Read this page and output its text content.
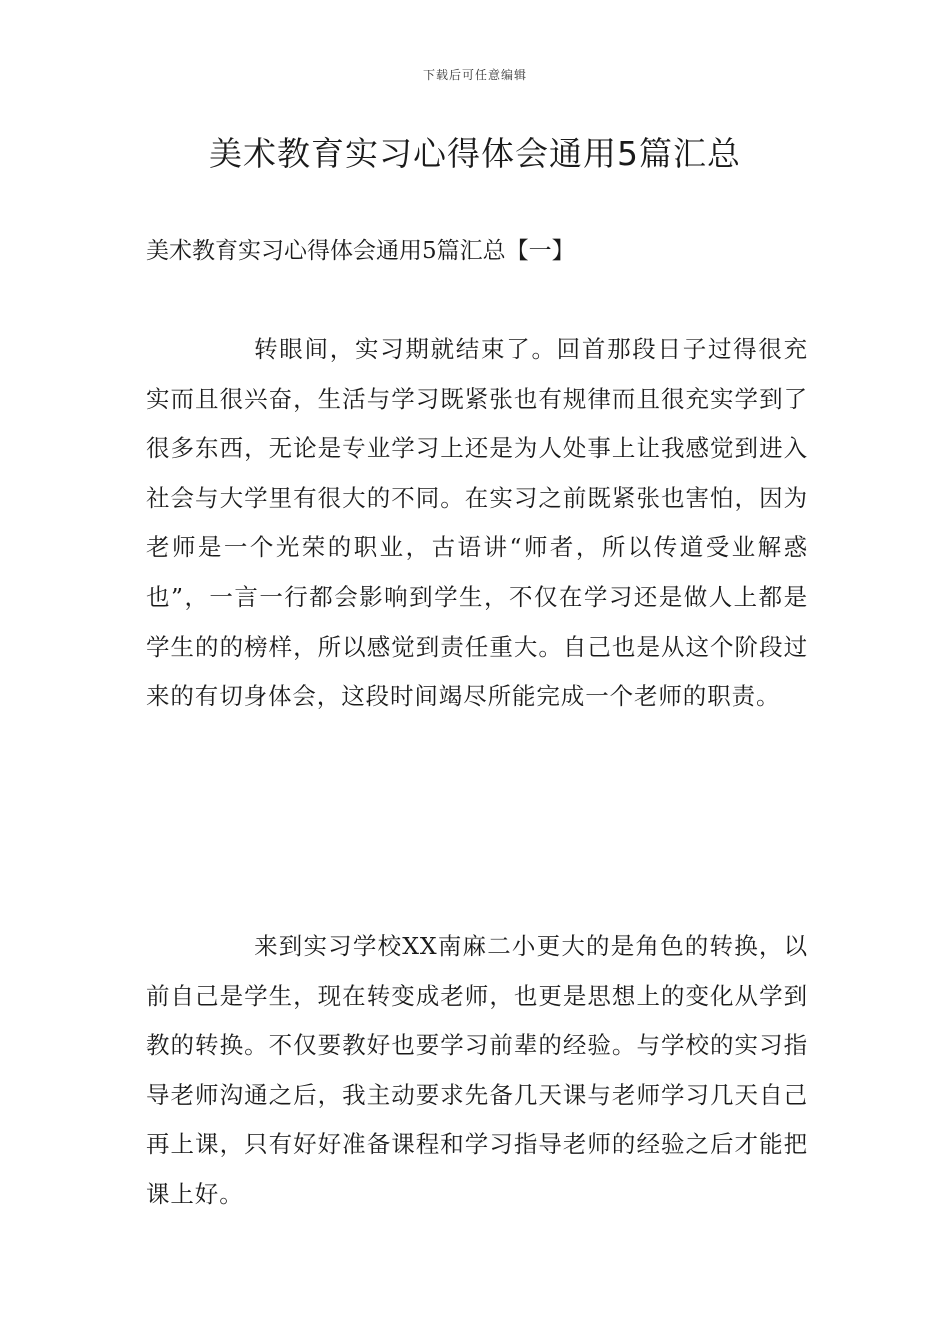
下载后可任意编辑
美术教育实习心得体会通用5篇汇总
美术教育实习心得体会通用5篇汇总【一】

转眼间，实习期就结束了。回首那段日子过得很充实而且很兴奋，生活与学习既紧张也有规律而且很充实学到了很多东西，无论是专业学习上还是为人处事上让我感觉到进入社会与大学里有很大的不同。在实习之前既紧张也害怕，因为老师是一个光荣的职业，古语讲“师者，所以传道受业解惑也”，一言一行都会影响到学生，不仅在学习还是做人上都是学生的的榜样，所以感觉到责任重大。自己也是从这个阶段过来的有切身体会，这段时间竭尽所能完成一个老师的职责。

来到实习学校XX南麻二小更大的是角色的转换，以前自己是学生，现在转变成老师，也更是思想上的变化从学到教的转换。不仅要教好也要学习前辈的经验。与学校的实习指导老师沟通之后，我主动要求先备几天课与老师学习几天自己再上课，只有好好准备课程和学习指导老师的经验之后才能把课上好。
